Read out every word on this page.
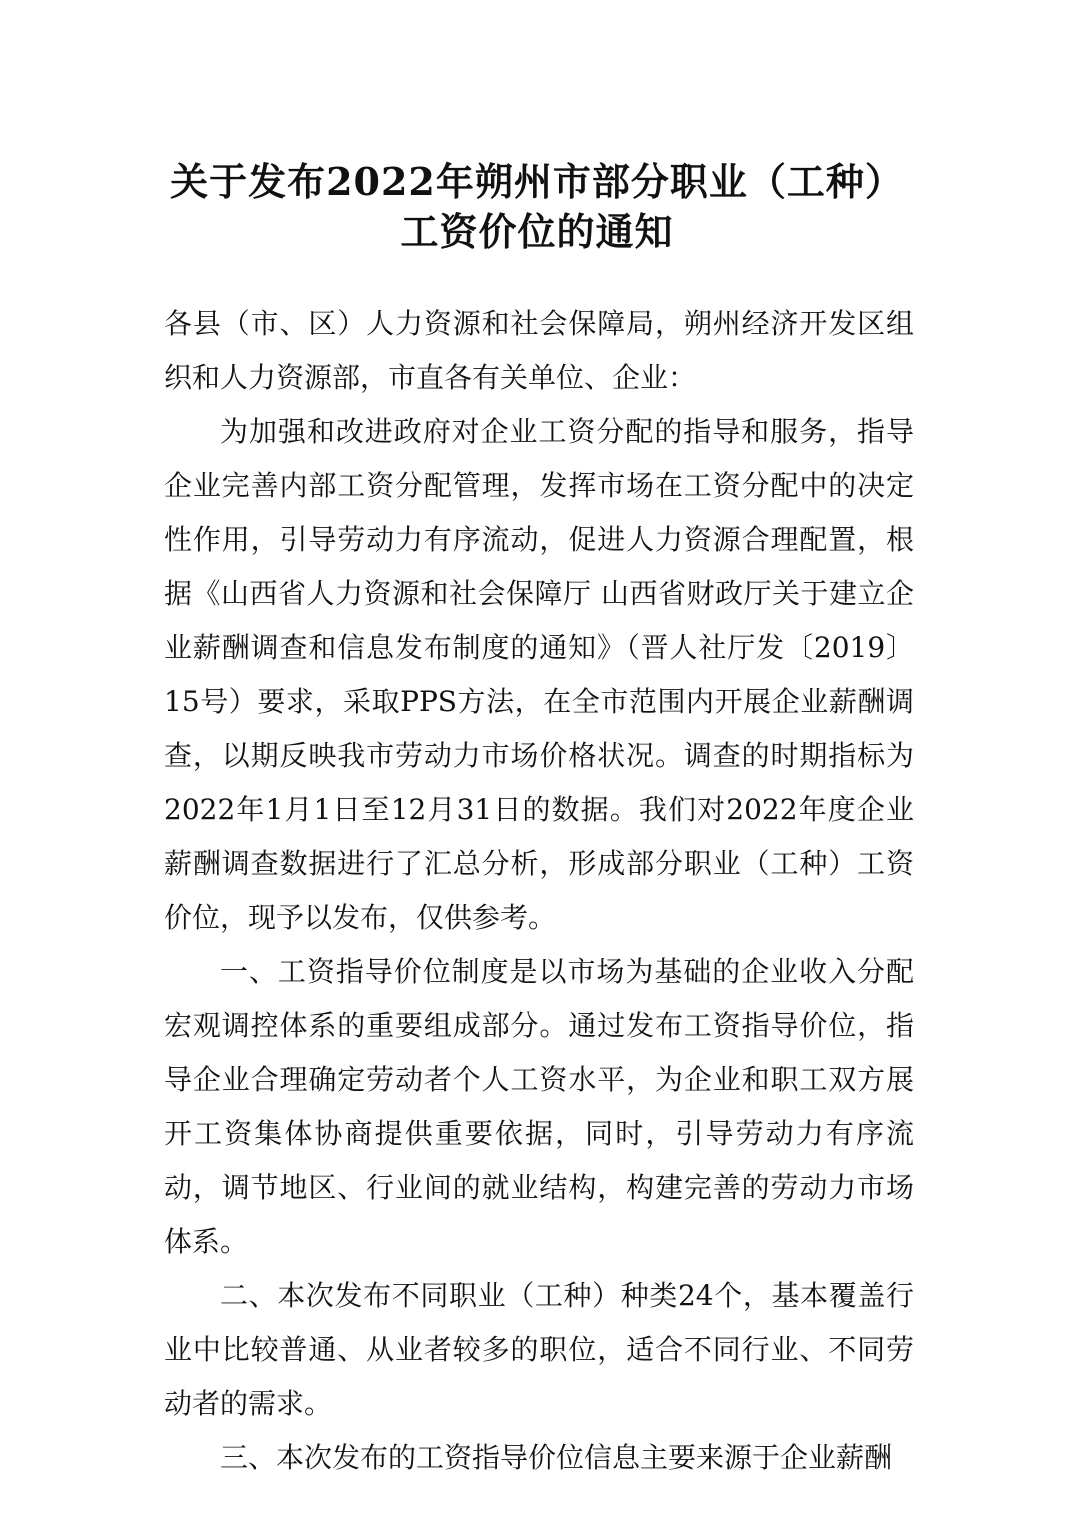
关于发布2022年朔州市部分职业（工种）
工资价位的通知

各县（市、区）人力资源和社会保障局，朔州经济开发区组织和人力资源部，市直各有关单位、企业：

为加强和改进政府对企业工资分配的指导和服务，指导企业完善内部工资分配管理，发挥市场在工资分配中的决定性作用，引导劳动力有序流动，促进人力资源合理配置，根据《山西省人力资源和社会保障厅 山西省财政厅关于建立企业薪酬调查和信息发布制度的通知》（晋人社厅发〔2019〕15号）要求，采取PPS方法，在全市范围内开展企业薪酬调查，以期反映我市劳动力市场价格状况。调查的时期指标为2022年1月1日至12月31日的数据。我们对2022年度企业薪酬调查数据进行了汇总分析，形成部分职业（工种）工资价位，现予以发布，仅供参考。

一、工资指导价位制度是以市场为基础的企业收入分配宏观调控体系的重要组成部分。通过发布工资指导价位，指导企业合理确定劳动者个人工资水平，为企业和职工双方展开工资集体协商提供重要依据，同时，引导劳动力有序流动，调节地区、行业间的就业结构，构建完善的劳动力市场体系。

二、本次发布不同职业（工种）种类24个，基本覆盖行业中比较普通、从业者较多的职位，适合不同行业、不同劳动者的需求。

三、本次发布的工资指导价位信息主要来源于企业薪酬
